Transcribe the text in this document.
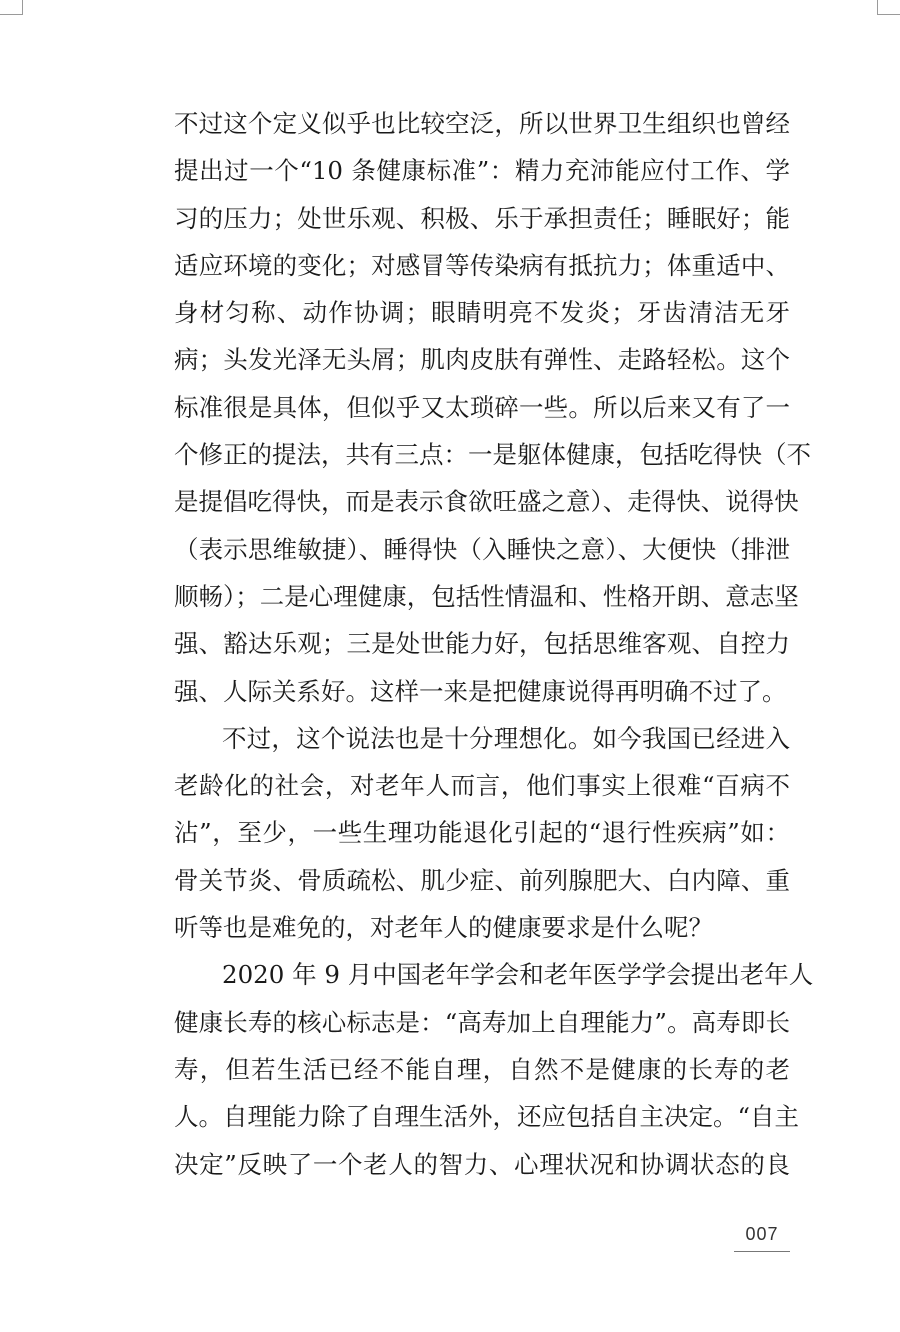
不过这个定义似乎也比较空泛，所以世界卫生组织也曾经
提出过一个“10 条健康标准”：精力充沛能应付工作、学
习的压力；处世乐观、积极、乐于承担责任；睡眠好；能
适应环境的变化；对感冒等传染病有抵抗力；体重适中、
身材匀称、动作协调；眼睛明亮不发炎；牙齿清洁无牙
病；头发光泽无头屑；肌肉皮肤有弹性、走路轻松。这个
标准很是具体，但似乎又太琐碎一些。所以后来又有了一
个修正的提法，共有三点：一是躯体健康，包括吃得快（不
是提倡吃得快，而是表示食欲旺盛之意）、走得快、说得快
（表示思维敏捷）、睡得快（入睡快之意）、大便快（排泄
顺畅）；二是心理健康，包括性情温和、性格开朗、意志坚
强、豁达乐观；三是处世能力好，包括思维客观、自控力
强、人际关系好。这样一来是把健康说得再明确不过了。
不过，这个说法也是十分理想化。如今我国已经进入
老龄化的社会，对老年人而言，他们事实上很难“百病不
沾”，至少，一些生理功能退化引起的“退行性疾病”如：
骨关节炎、骨质疏松、肌少症、前列腺肥大、白内障、重
听等也是难免的，对老年人的健康要求是什么呢？
2020 年 9 月中国老年学会和老年医学学会提出老年人
健康长寿的核心标志是：“高寿加上自理能力”。高寿即长
寿，但若生活已经不能自理，自然不是健康的长寿的老
人。自理能力除了自理生活外，还应包括自主决定。“自主
决定”反映了一个老人的智力、心理状况和协调状态的良
007
